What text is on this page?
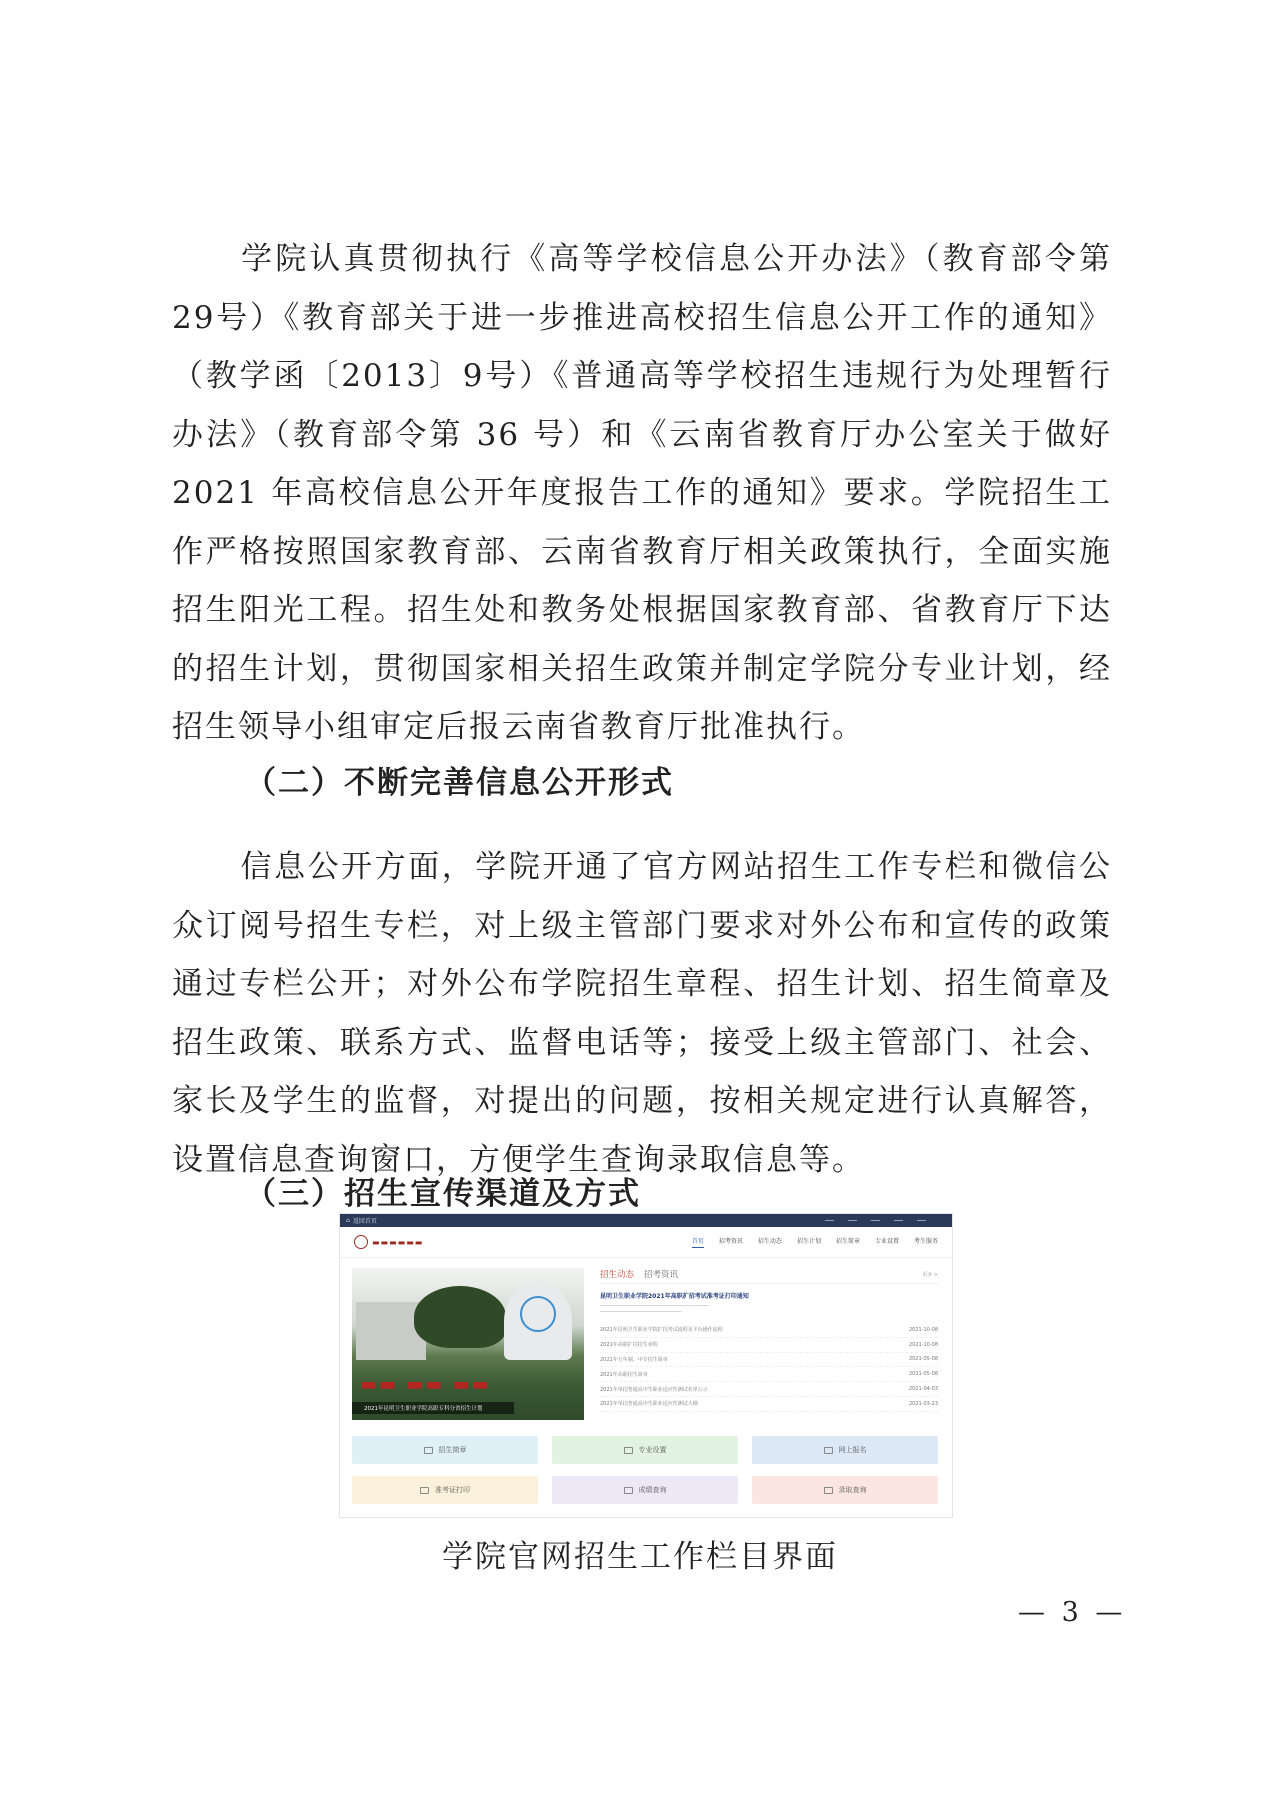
学院认真贯彻执行《高等学校信息公开办法》（教育部令第29号）《教育部关于进一步推进高校招生信息公开工作的通知》（教学函〔2013〕9号）《普通高等学校招生违规行为处理暂行办法》（教育部令第 36 号）和《云南省教育厅办公室关于做好2021 年高校信息公开年度报告工作的通知》要求。学院招生工作严格按照国家教育部、云南省教育厅相关政策执行，全面实施招生阳光工程。招生处和教务处根据国家教育部、省教育厅下达的招生计划，贯彻国家相关招生政策并制定学院分专业计划，经招生领导小组审定后报云南省教育厅批准执行。

（二）不断完善信息公开形式

信息公开方面，学院开通了官方网站招生工作专栏和微信公众订阅号招生专栏，对上级主管部门要求对外公布和宣传的政策通过专栏公开；对外公布学院招生章程、招生计划、招生简章及招生政策、联系方式、监督电话等；接受上级主管部门、社会、家长及学生的监督，对提出的问题，按相关规定进行认真解答，设置信息查询窗口，方便学生查询录取信息等。

（三）招生宣传渠道及方式

⌂ 返回首页	━━━	━━━	━━━	━━━	━━━
▬▬▬▬▬▬	首页	招考资讯	招生动态	招生计划	招生简章	专业设置	考生服务
▬▬ ▬▬ ▬▬
2021年昆明卫生职业学院高职专科分省招生计划
招生动态 招考资讯	更多 >
昆明卫生职业学院2021年高职扩招考试准考证打印通知
────────────────────────────────────────
──────────────────────────────
2021年昆明卫生职业学院扩招考试流程及平台操作流程	2021-10-08
2021年高职扩招招生章程	2021-10-08
2021年五年制、中专招生简章	2021-05-08
2021年高职招生简章	2021-05-08
2021年单招普通高中生职业适应性测试名单公示	2021-04-03
2021年单招普通高中生职业适应性测试大纲	2021-03-23
招生简章	专业设置	网上报名
准考证打印	成绩查询	录取查询

学院官网招生工作栏目界面

— 3 —
